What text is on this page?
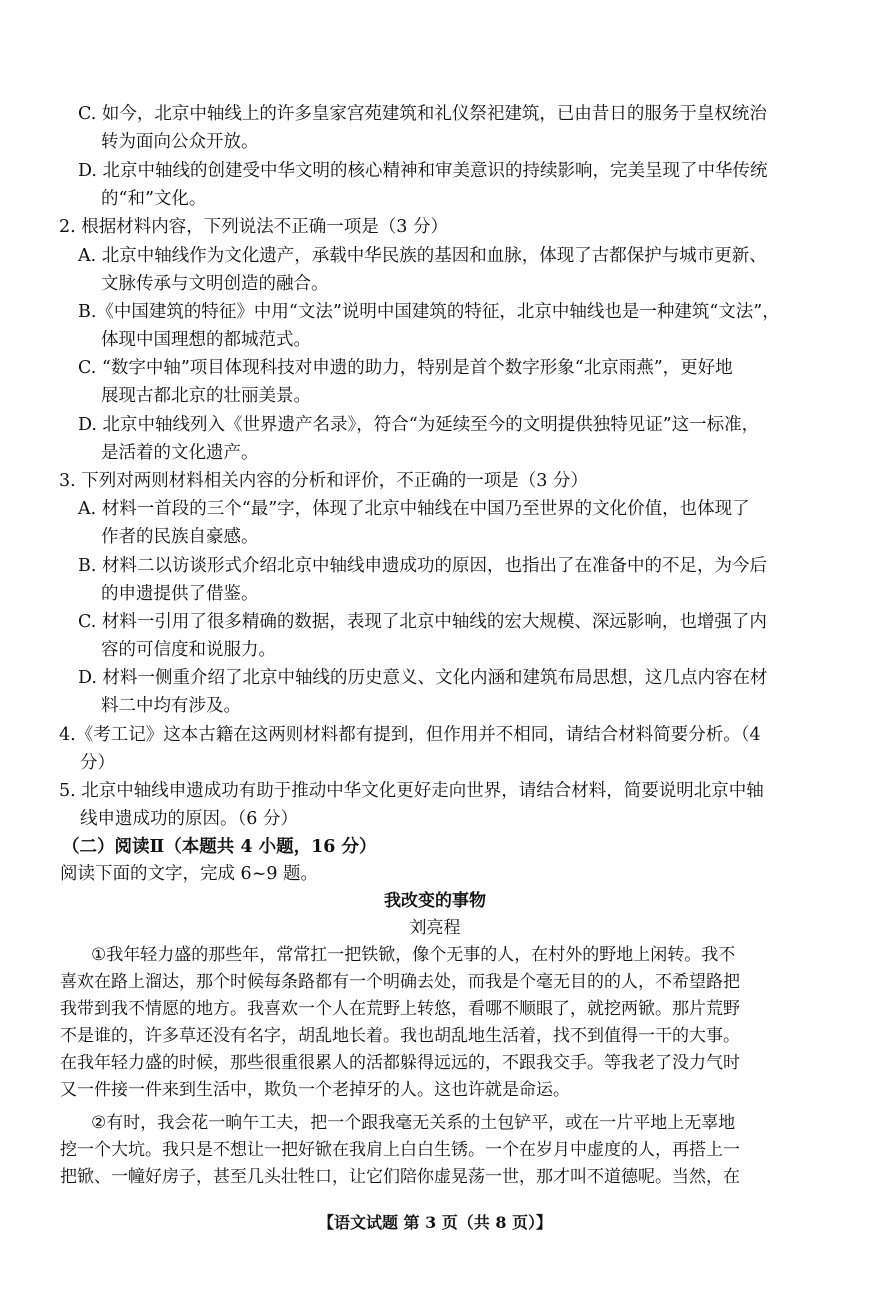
C. 如今，北京中轴线上的许多皇家宫苑建筑和礼仪祭祀建筑，已由昔日的服务于皇权统治
转为面向公众开放。
D. 北京中轴线的创建受中华文明的核心精神和审美意识的持续影响，完美呈现了中华传统
的“和”文化。
2. 根据材料内容，下列说法不正确一项是（3 分）
A. 北京中轴线作为文化遗产，承载中华民族的基因和血脉，体现了古都保护与城市更新、
文脉传承与文明创造的融合。
B.《中国建筑的特征》中用“文法”说明中国建筑的特征，北京中轴线也是一种建筑“文法”，
体现中国理想的都城范式。
C. “数字中轴”项目体现科技对申遗的助力，特别是首个数字形象“北京雨燕”，更好地
展现古都北京的壮丽美景。
D. 北京中轴线列入《世界遗产名录》，符合“为延续至今的文明提供独特见证”这一标准，
是活着的文化遗产。
3. 下列对两则材料相关内容的分析和评价，不正确的一项是（3 分）
A. 材料一首段的三个“最”字，体现了北京中轴线在中国乃至世界的文化价值，也体现了
作者的民族自豪感。
B. 材料二以访谈形式介绍北京中轴线申遗成功的原因，也指出了在准备中的不足，为今后
的申遗提供了借鉴。
C. 材料一引用了很多精确的数据，表现了北京中轴线的宏大规模、深远影响，也增强了内
容的可信度和说服力。
D. 材料一侧重介绍了北京中轴线的历史意义、文化内涵和建筑布局思想，这几点内容在材
料二中均有涉及。
4.《考工记》这本古籍在这两则材料都有提到，但作用并不相同，请结合材料简要分析。（4
分）
5. 北京中轴线申遗成功有助于推动中华文化更好走向世界，请结合材料，简要说明北京中轴
线申遗成功的原因。（6 分）
（二）阅读Ⅱ（本题共 4 小题，16 分）
阅读下面的文字，完成 6~9 题。
我改变的事物
刘亮程
①我年轻力盛的那些年，常常扛一把铁锨，像个无事的人，在村外的野地上闲转。我不
喜欢在路上溜达，那个时候每条路都有一个明确去处，而我是个毫无目的的人，不希望路把
我带到我不情愿的地方。我喜欢一个人在荒野上转悠，看哪不顺眼了，就挖两锨。那片荒野
不是谁的，许多草还没有名字，胡乱地长着。我也胡乱地生活着，找不到值得一干的大事。
在我年轻力盛的时候，那些很重很累人的活都躲得远远的，不跟我交手。等我老了没力气时
又一件接一件来到生活中，欺负一个老掉牙的人。这也许就是命运。
②有时，我会花一晌午工夫，把一个跟我毫无关系的土包铲平，或在一片平地上无辜地
挖一个大坑。我只是不想让一把好锨在我肩上白白生锈。一个在岁月中虚度的人，再搭上一
把锨、一幢好房子，甚至几头壮牲口，让它们陪你虚晃荡一世，那才叫不道德呢。当然，在
【语文试题 第 3 页（共 8 页）】
